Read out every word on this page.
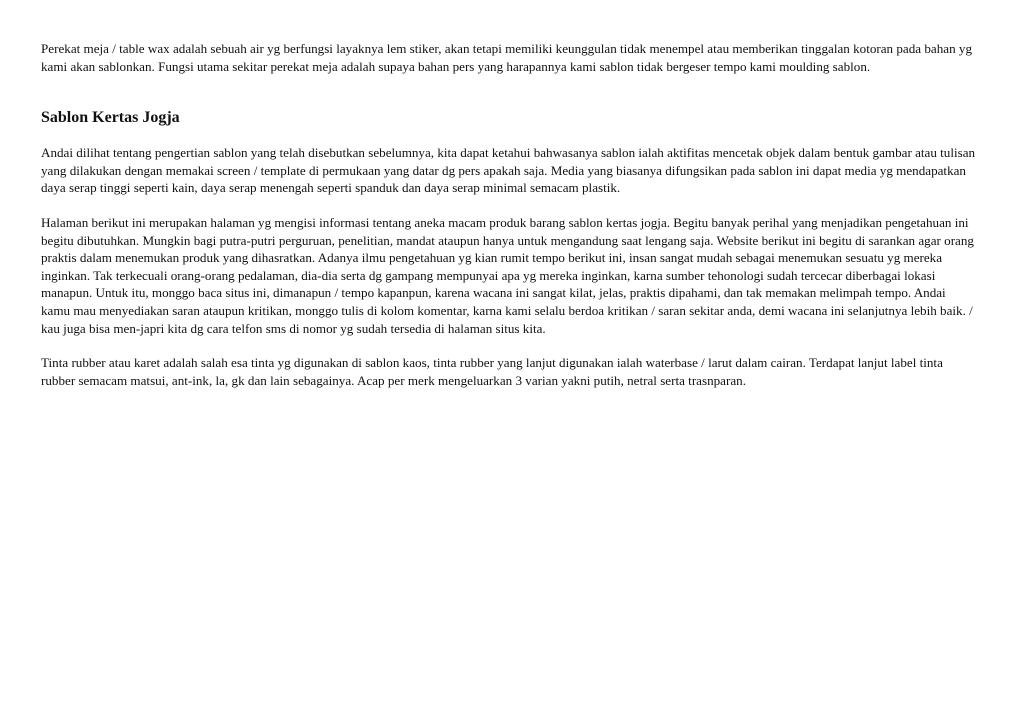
Perekat meja / table wax adalah sebuah air yg berfungsi layaknya lem stiker, akan tetapi memiliki keunggulan tidak menempel atau memberikan tinggalan kotoran pada bahan yg kami akan sablonkan. Fungsi utama sekitar perekat meja adalah supaya bahan pers yang harapannya kami sablon tidak bergeser tempo kami moulding sablon.

Sablon Kertas Jogja

Andai dilihat tentang pengertian sablon yang telah disebutkan sebelumnya, kita dapat ketahui bahwasanya sablon ialah aktifitas mencetak objek dalam bentuk gambar atau tulisan yang dilakukan dengan memakai screen / template di permukaan yang datar dg pers apakah saja. Media yang biasanya difungsikan pada sablon ini dapat media yg mendapatkan daya serap tinggi seperti kain, daya serap menengah seperti spanduk dan daya serap minimal semacam plastik.

Halaman berikut ini merupakan halaman yg mengisi informasi tentang aneka macam produk barang sablon kertas jogja. Begitu banyak perihal yang menjadikan pengetahuan ini begitu dibutuhkan. Mungkin bagi putra-putri perguruan, penelitian, mandat ataupun hanya untuk mengandung saat lengang saja. Website berikut ini begitu di sarankan agar orang praktis dalam menemukan produk yang dihasratkan. Adanya ilmu pengetahuan yg kian rumit tempo berikut ini, insan sangat mudah sebagai menemukan sesuatu yg mereka inginkan. Tak terkecuali orang-orang pedalaman, dia-dia serta dg gampang mempunyai apa yg mereka inginkan, karna sumber tehonologi sudah tercecar diberbagai lokasi manapun. Untuk itu, monggo baca situs ini, dimanapun / tempo kapanpun, karena wacana ini sangat kilat, jelas, praktis dipahami, dan tak memakan melimpah tempo. Andai kamu mau menyediakan saran ataupun kritikan, monggo tulis di kolom komentar, karna kami selalu berdoa kritikan / saran sekitar anda, demi wacana ini selanjutnya lebih baik. / kau juga bisa men-japri kita dg cara telfon sms di nomor yg sudah tersedia di halaman situs kita.

Tinta rubber atau karet adalah salah esa tinta yg digunakan di sablon kaos, tinta rubber yang lanjut digunakan ialah waterbase / larut dalam cairan. Terdapat lanjut label tinta rubber semacam matsui, ant-ink, la, gk dan lain sebagainya. Acap per merk mengeluarkan 3 varian yakni putih, netral serta trasnparan.
